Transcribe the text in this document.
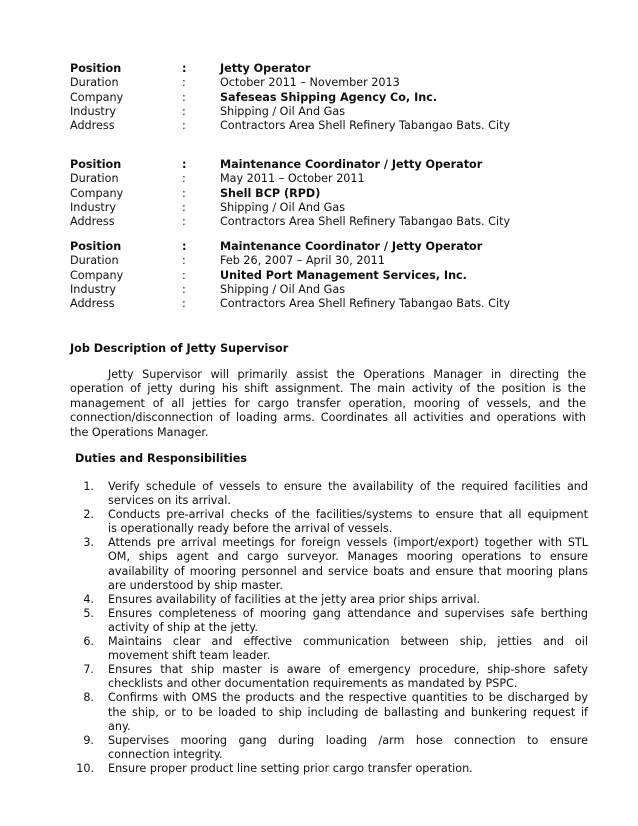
Position	:	Jetty Operator
Duration	:	October 2011 – November 2013
Company	:	Safeseas Shipping Agency Co, Inc.
Industry	:	Shipping / Oil And Gas
Address	:	Contractors Area Shell Refinery Tabangao Bats. City
Position	:	Maintenance Coordinator / Jetty Operator
Duration	:	May 2011 – October 2011
Company	:	Shell BCP (RPD)
Industry	:	Shipping / Oil And Gas
Address	:	Contractors Area Shell Refinery Tabangao Bats. City
Position	:	Maintenance Coordinator / Jetty Operator
Duration	:	Feb 26, 2007 – April 30, 2011
Company	:	United Port Management Services, Inc.
Industry	:	Shipping / Oil And Gas
Address	:	Contractors Area Shell Refinery Tabangao Bats. City
Job Description of Jetty Supervisor
Jetty Supervisor will primarily assist the Operations Manager in directing the
operation of jetty during his shift assignment. The main activity of the position is the
management of all jetties for cargo transfer operation, mooring of vessels, and the
connection/disconnection of loading arms. Coordinates all activities and operations with
the Operations Manager.
Duties and Responsibilities
1. Verify schedule of vessels to ensure the availability of the required facilities and
services on its arrival.
2. Conducts pre-arrival checks of the facilities/systems to ensure that all equipment
is operationally ready before the arrival of vessels.
3. Attends pre arrival meetings for foreign vessels (import/export) together with STL
OM, ships agent and cargo surveyor. Manages mooring operations to ensure
availability of mooring personnel and service boats and ensure that mooring plans
are understood by ship master.
4. Ensures availability of facilities at the jetty area prior ships arrival.
5. Ensures completeness of mooring gang attendance and supervises safe berthing
activity of ship at the jetty.
6. Maintains clear and effective communication between ship, jetties and oil
movement shift team leader.
7. Ensures that ship master is aware of emergency procedure, ship-shore safety
checklists and other documentation requirements as mandated by PSPC.
8. Confirms with OMS the products and the respective quantities to be discharged by
the ship, or to be loaded to ship including de ballasting and bunkering request if
any.
9. Supervises mooring gang during loading /arm hose connection to ensure
connection integrity.
10. Ensure proper product line setting prior cargo transfer operation.
